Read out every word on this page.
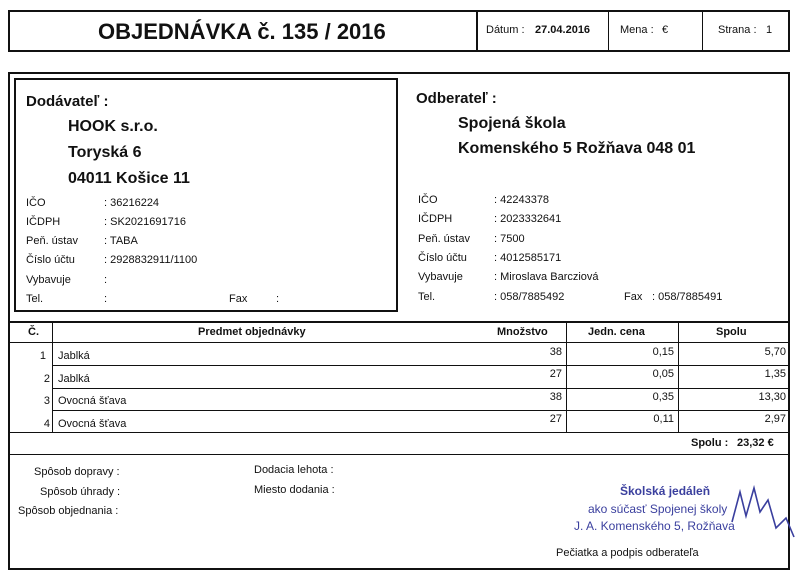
OBJEDNÁVKA č. 135 / 2016	Dátum : 27.04.2016	Mena : €	Strana : 1
Dodávateľ :
HOOK s.r.o.
Toryská 6
04011 Košice 11
IČO	: 36216224
IČDPH	: SK2021691716
Peň. ústav : TABA
Číslo účtu	: 2928832911/1100
Vybavuje	:
Tel.	:	Fax	:
Odberateľ :
Spojená škola
Komenského 5 Rožňava 048 01
IČO	: 42243378
IČDPH	: 2023332641
Peň. ústav : 7500
Číslo účtu : 4012585171
Vybavuje	: Miroslava Barcziová
Tel.	: 058/7885492	Fax : 058/7885491
Č.	Predmet objednávky	Množstvo	Jedn. cena	Spolu
1 Jablká	38	0,15	5,70
2 Jablká	27	0,05	1,35
3 Ovocná šťava	38	0,35	13,30
4 Ovocná šťava	27	0,11	2,97
Spolu : 23,32 €
Spôsob dopravy :
Spôsob úhrady :
Spôsob objednania :
Dodacia lehota :
Miesto dodania :	Školská jedáleň
ako súčasť Spojenej školy
J. A. Komenského 5, Rožňava
Pečiatka a podpis odberateľa
